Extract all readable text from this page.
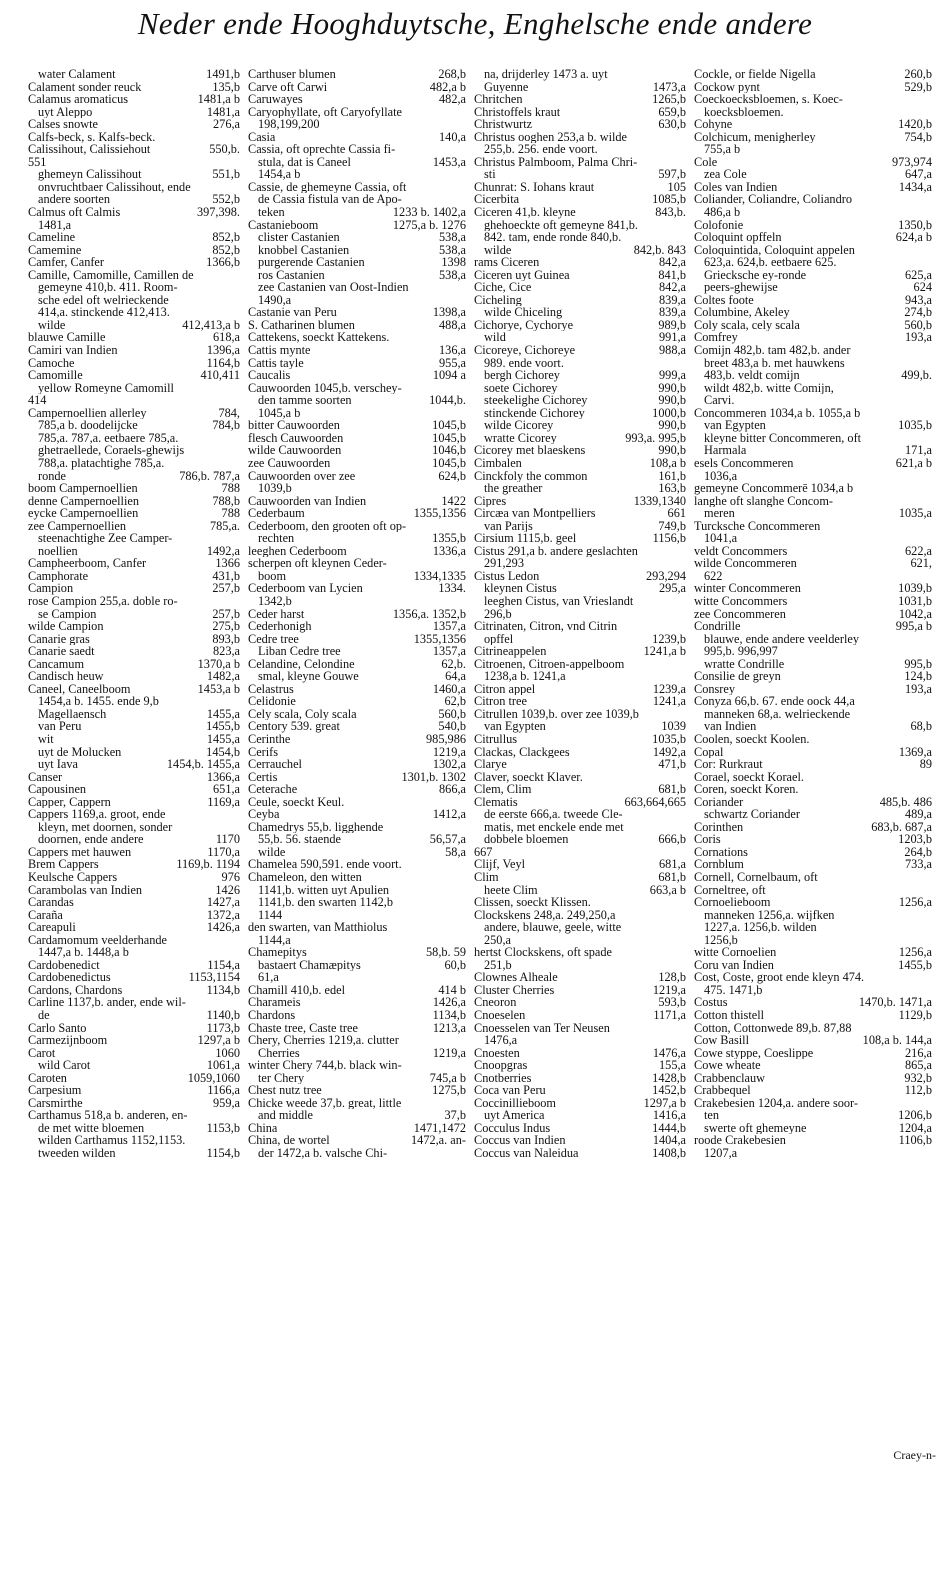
Neder ende Hooghduytsche, Enghelsche ende andere
water Calament	1491,b
Calament sonder reuck	135,b
Calamus aromaticus	1481,a b
uyt Aleppo	1481,a
Calses snowte	276,a
Calfs-beck, s. Kalfs-beck.
Calissihout, Calissiehout	550,b.
551
ghemeyn Calissihout	551,b
onvruchtbaer Calissihout, ende
andere soorten	552,b
Calmus oft Calmis	397,398.
1481,a
Cameline	852,b
Camemine	852,b
Camfer, Canfer	1366,b
Camille, Camomille, Camillen de
gemeyne 410,b. 411. Room-
sche edel oft welrieckende
414,a. stinckende 412,413.
wilde	412,413,a b
blauwe Camille	618,a
Camiri van Indien	1396,a
Camoche	1164,b
Camomille	410,411
yellow Romeyne Camomill
414
Campernoellien allerley	784,
785,a b. doodelijcke	784,b
785,a. 787,a. eetbaere 785,a.
ghetraellede, Coraels-ghewijs
788,a. platachtighe 785,a.
ronde	786,b. 787,a
boom Campernoellien	788
denne Campernoellien	788,b
eycke Campernoellien	788
zee Campernoellien	785,a.
steenachtighe Zee Camper-
noellien	1492,a
Campheerboom, Canfer	1366
Camphorate	431,b
Campion	257,b
rose Campion 255,a. doble ro-
se Campion	257,b
wilde Campion	275,b
Canarie gras	893,b
Canarie saedt	823,a
Cancamum	1370,a b
Candisch heuw	1482,a
Caneel, Caneelboom	1453,a b
1454,a b. 1455. ende 9,b
Magellaensch	1455,a
van Peru	1455,b
wit	1455,a
uyt de Molucken	1454,b
uyt Iava	1454,b. 1455,a
Canser	1366,a
Capousinen	651,a
Capper, Cappern	1169,a
Cappers 1169,a. groot, ende
kleyn, met doornen, sonder
doornen, ende andere	1170
Cappers met hauwen	1170,a
Brem Cappers	1169,b. 1194
Keulsche Cappers	976
Carambolas van Indien	1426
Carandas	1427,a
Caraña	1372,a
Careapuli	1426,a
Cardamomum veelderhande
1447,a b. 1448,a b
Cardobenedict	1154,a
Cardobenedictus	1153,1154
Cardons, Chardons	1134,b
Carline 1137,b. ander, ende wil-
de	1140,b
Carlo Santo	1173,b
Carmezijnboom	1297,a b
Carot	1060
wild Carot	1061,a
Caroten	1059,1060
Carpesium	1166,a
Carsmirthe	959,a
Carthamus 518,a b. anderen, en-
de met witte bloemen	1153,b
wilden Carthamus 1152,1153.
tweeden wilden	1154,b
Carthuser blumen	268,b
Carve oft Carwi	482,a b
Caruwayes	482,a
Caryophyllate, oft Caryofyllate
198,199,200
Casia	140,a
Cassia, oft oprechte Cassia fi-
stula, dat is Caneel	1453,a
1454,a b
Cassie, de ghemeyne Cassia, oft
de Cassia fistula van de Apo-
teken	1233 b. 1402,a
Castanieboom	1275,a b. 1276
clister Castanien	538,a
knobbel Castanien	538,a
purgerende Castanien	1398
ros Castanien	538,a
zee Castanien van Oost-Indien
1490,a
Castanie van Peru	1398,a
S. Catharinen blumen	488,a
Cattekens, soeckt Kattekens.
Cattis mynte	136,a
Cattis tayle	955,a
Caucalis	1094 a
Cauwoorden 1045,b. verschey-
den tamme soorten	1044,b.
1045,a b
bitter Cauwoorden	1045,b
flesch Cauwoorden	1045,b
wilde Cauwoorden	1046,b
zee Cauwoorden	1045,b
Cauwoorden over zee	624,b
1039,b
Cauwoorden van Indien	1422
Cederbaum	1355,1356
Cederboom, den grooten oft op-
rechten	1355,b
leeghen Cederboom	1336,a
scherpen oft kleynen Ceder-
boom	1334,1335
Cederboom van Lycien	1334.
1342,b
Ceder harst	1356,a. 1352,b
Cederhonigh	1357,a
Cedre tree	1355,1356
Liban Cedre tree	1357,a
Celandine, Celondine	62,b.
smal, kleyne Gouwe	64,a
Celastrus	1460,a
Celidonie	62,b
Cely scala, Coly scala	560,b
Centory 539. great	540,b
Cerinthe	985,986
Cerifs	1219,a
Cerrauchel	1302,a
Certis	1301,b. 1302
Ceterache	866,a
Ceule, soeckt Keul.
Ceyba	1412,a
Chamedrys 55,b. ligghende
55,b. 56. staende	56,57,a
wilde	58,a
Chamelea 590,591. ende voort.
Chameleon, den witten
1141,b. witten uyt Apulien
1141,b. den swarten 1142,b
1144
den swarten, van Matthiolus
1144,a
Chamepitys	58,b. 59
bastaert Chamæpitys	60,b
61,a
Chamill 410,b. edel	414 b
Charameis	1426,a
Chardons	1134,b
Chaste tree, Caste tree	1213,a
Chery, Cherries 1219,a. clutter
Cherries	1219,a
winter Chery 744,b. black win-
ter Chery	745,a b
Chest nutz tree	1275,b
Chicke weede 37,b. great, little
and middle	37,b
China	1471,1472
China, de wortel	1472,a. an-
der 1472,a b. valsche Chi-
na, drijderley 1473 a. uyt
Guyenne	1473,a
Chritchen	1265,b
Christoffels kraut	659,b
Christwurtz	630,b
Christus ooghen 253,a b. wilde
255,b. 256. ende voort.
Christus Palmboom, Palma Chri-
sti	597,b
Chunrat: S. Iohans kraut	105
Cicerbita	1085,b
Ciceren 41,b. kleyne	843,b.
ghehoeckte oft gemeyne 841,b.
842. tam, ende ronde 840,b.
wilde	842,b. 843
rams Ciceren	842,a
Ciceren uyt Guinea	841,b
Ciche, Cice	842,a
Cicheling	839,a
wilde Chiceling	839,a
Cichorye, Cychorye	989,b
wild	991,a
Cicoreye, Cichoreye	988,a
989. ende voort.
bergh Cichorey	999,a
soete Cichorey	990,b
steekelighe Cichorey	990,b
stinckende Cichorey	1000,b
wilde Cicorey	990,b
wratte Cicorey	993,a. 995,b
Cicorey met blaeskens	990,b
Cimbalen	108,a b
Cinckfoly the common	161,b
the greather	163,b
Cipres	1339,1340
Circæa van Montpelliers	661
van Parijs	749,b
Cirsium 1115,b. geel	1156,b
Cistus 291,a b. andere geslachten
291,293
Cistus Ledon	293,294
kleynen Cistus	295,a
leeghen Cistus, van Vrieslandt
296,b
Citrinaten, Citron, vnd Citrin
opffel	1239,b
Citrineappelen	1241,a b
Citroenen, Citroen-appelboom
1238,a b. 1241,a
Citron appel	1239,a
Citron tree	1241,a
Citrullen 1039,b. over zee 1039,b
van Egypten	1039
Citrullus	1035,b
Clackas, Clackgees	1492,a
Clarye	471,b
Claver, soeckt Klaver.
Clem, Clim	681,b
Clematis	663,664,665
de eerste 666,a. tweede Cle-
matis, met enckele ende met
dobbele bloemen	666,b
667
Clijf, Veyl	681,a
Clim	681,b
heete Clim	663,a b
Clissen, soeckt Klissen.
Clockskens 248,a. 249,250,a
andere, blauwe, geele, witte
250,a
hertst Clockskens, oft spade
251,b
Clownes Alheale	128,b
Cluster Cherries	1219,a
Cneoron	593,b
Cnoeselen	1171,a
Cnoesselen van Ter Neusen
1476,a
Cnoesten	1476,a
Cnoopgras	155,a
Cnotberries	1428,b
Coca van Peru	1452,b
Coccinillieboom	1297,a b
uyt America	1416,a
Cocculus Indus	1444,b
Coccus van Indien	1404,a
Coccus van Naleidua	1408,b
Cockle, or fielde Nigella	260,b
Cockow pynt	529,b
Coeckoecksbloemen, s. Koec-
koecksbloemen.
Cohyne	1420,b
Colchicum, menigherley	754,b
755,a b
Cole	973,974
zea Cole	647,a
Coles van Indien	1434,a
Coliander, Coliandre, Coliandro
486,a b
Colofonie	1350,b
Coloquint opffeln	624,a b
Coloquintida, Coloquint appelen
623,a. 624,b. eetbaere 625.
Griecksche ey-ronde	625,a
peers-ghewijse	624
Coltes foote	943,a
Columbine, Akeley	274,b
Coly scala, cely scala	560,b
Comfrey	193,a
Comijn 482,b. tam 482,b. ander
breet 483,a b. met hauwkens
483,b. veldt comijn	499,b.
wildt 482,b. witte Comijn,
Carvi.
Concommeren 1034,a b. 1055,a b
van Egypten	1035,b
kleyne bitter Concommeren, oft
Harmala	171,a
esels Concommeren	621,a b
1036,a
gemeyne Concommerē 1034,a b
langhe oft slanghe Concom-
meren	1035,a
Turcksche Concommeren
1041,a
veldt Concommers	622,a
wilde Concommeren	621,
622
winter Concommeren	1039,b
witte Concommers	1031,b
zee Concommeren	1042,a
Condrille	995,a b
blauwe, ende andere veelderley
995,b. 996,997
wratte Condrille	995,b
Consilie de greyn	124,b
Consrey	193,a
Conyza 66,b. 67. ende oock 44,a
manneken 68,a. welrieckende
van Indien	68,b
Coolen, soeckt Koolen.
Copal	1369,a
Cor: Rurkraut	89
Corael, soeckt Korael.
Coren, soeckt Koren.
Coriander	485,b. 486
schwartz Coriander	489,a
Corinthen	683,b. 687,a
Coris	1203,b
Cornations	264,b
Cornblum	733,a
Cornell, Cornelbaum, oft
Corneltree, oft
Cornoelieboom	1256,a
manneken 1256,a. wijfken
1227,a. 1256,b. wilden
1256,b
witte Cornoelien	1256,a
Coru van Indien	1455,b
Cost, Coste, groot ende kleyn 474.
475. 1471,b
Costus	1470,b. 1471,a
Cotton thistell	1129,b
Cotton, Cottonwede 89,b. 87,88
Cow Basill	108,a b. 144,a
Cowe styppe, Coeslippe	216,a
Cowe wheate	865,a
Crabbenclauw	932,b
Crabbequel	112,b
Crakebesien 1204,a. andere soor-
ten	1206,b
swerte oft ghemeyne	1204,a
roode Crakebesien	1106,b
1207,a
Craey-n-
